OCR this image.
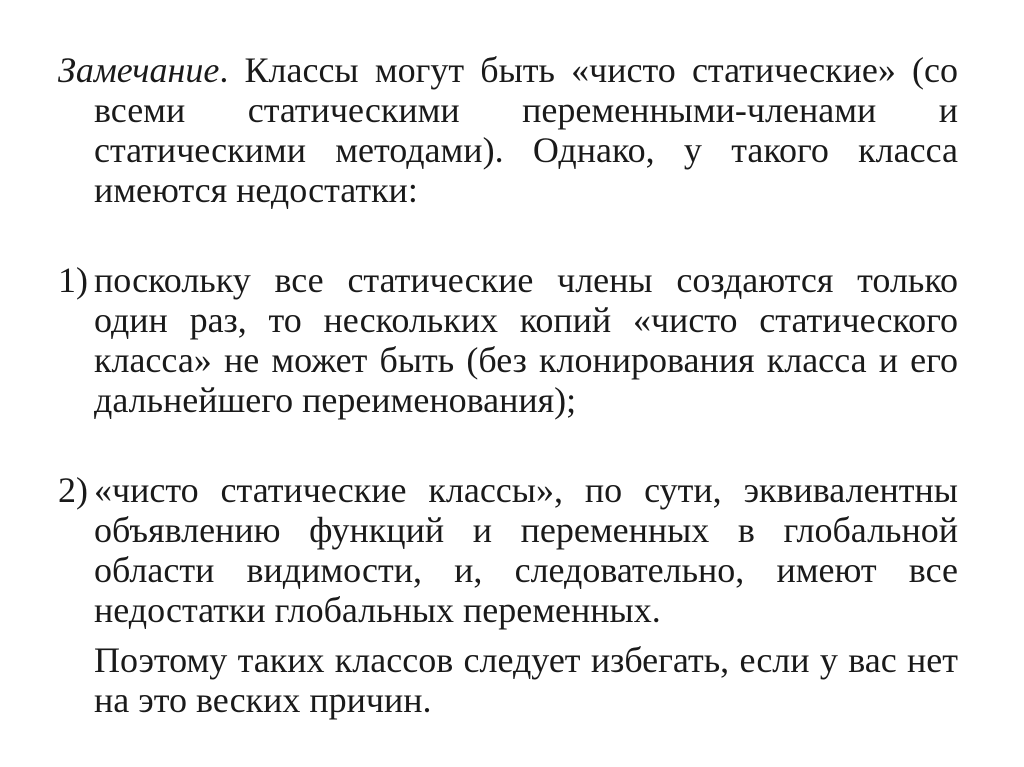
Замечание. Классы могут быть «чисто статические» (со всеми статическими переменными-членами и статическими методами). Однако, у такого класса имеются недостатки:

1) поскольку все статические члены создаются только один раз, то нескольких копий «чисто статического класса» не может быть (без клонирования класса и его дальнейшего переименования);
2) «чисто статические классы», по сути, эквивалентны объявлению функций и переменных в глобальной области видимости, и, следовательно, имеют все недостатки глобальных переменных.

Поэтому таких классов следует избегать, если у вас нет на это веских причин.
